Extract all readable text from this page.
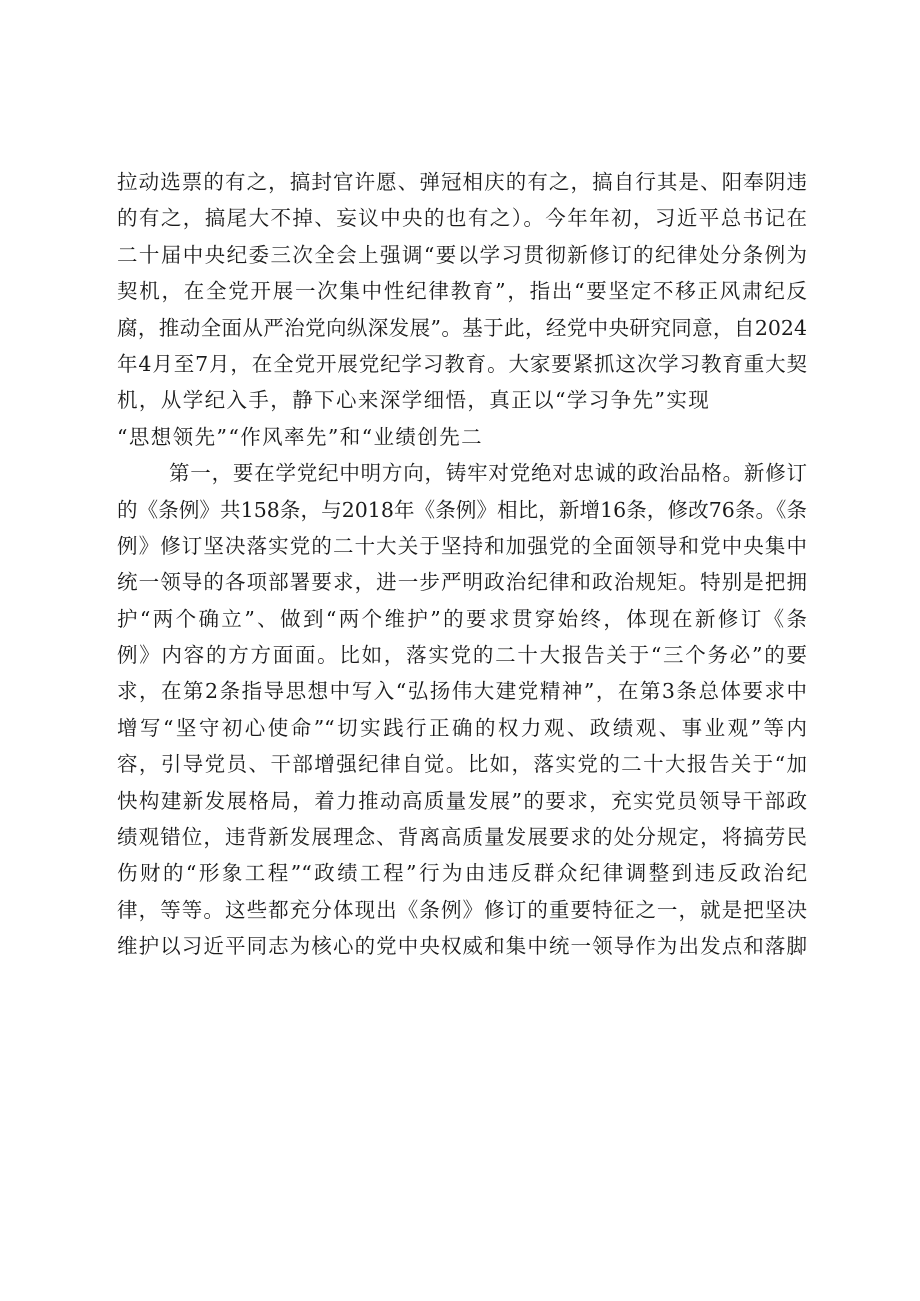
拉动选票的有之，搞封官许愿、弹冠相庆的有之，搞自行其是、阳奉阴违
的有之，搞尾大不掉、妄议中央的也有之）。今年年初，习近平总书记在
二十届中央纪委三次全会上强调“要以学习贯彻新修订的纪律处分条例为
契机，在全党开展一次集中性纪律教育”，指出“要坚定不移正风肃纪反
腐，推动全面从严治党向纵深发展”。基于此，经党中央研究同意，自2024
年4月至7月，在全党开展党纪学习教育。大家要紧抓这次学习教育重大契
机，从学纪入手，静下心来深学细悟，真正以“学习争先”实现
“思想领先”“作风率先”和“业绩创先二
第一，要在学党纪中明方向，铸牢对党绝对忠诚的政治品格。新修订
的《条例》共158条，与2018年《条例》相比，新增16条，修改76条。《条
例》修订坚决落实党的二十大关于坚持和加强党的全面领导和党中央集中
统一领导的各项部署要求，进一步严明政治纪律和政治规矩。特别是把拥
护“两个确立”、做到“两个维护”的要求贯穿始终，体现在新修订《条
例》内容的方方面面。比如，落实党的二十大报告关于“三个务必”的要
求，在第2条指导思想中写入“弘扬伟大建党精神”，在第3条总体要求中
增写“坚守初心使命”“切实践行正确的权力观、政绩观、事业观”等内
容，引导党员、干部增强纪律自觉。比如，落实党的二十大报告关于“加
快构建新发展格局，着力推动高质量发展”的要求，充实党员领导干部政
绩观错位，违背新发展理念、背离高质量发展要求的处分规定，将搞劳民
伤财的“形象工程”“政绩工程”行为由违反群众纪律调整到违反政治纪
律，等等。这些都充分体现出《条例》修订的重要特征之一，就是把坚决
维护以习近平同志为核心的党中央权威和集中统一领导作为出发点和落脚
